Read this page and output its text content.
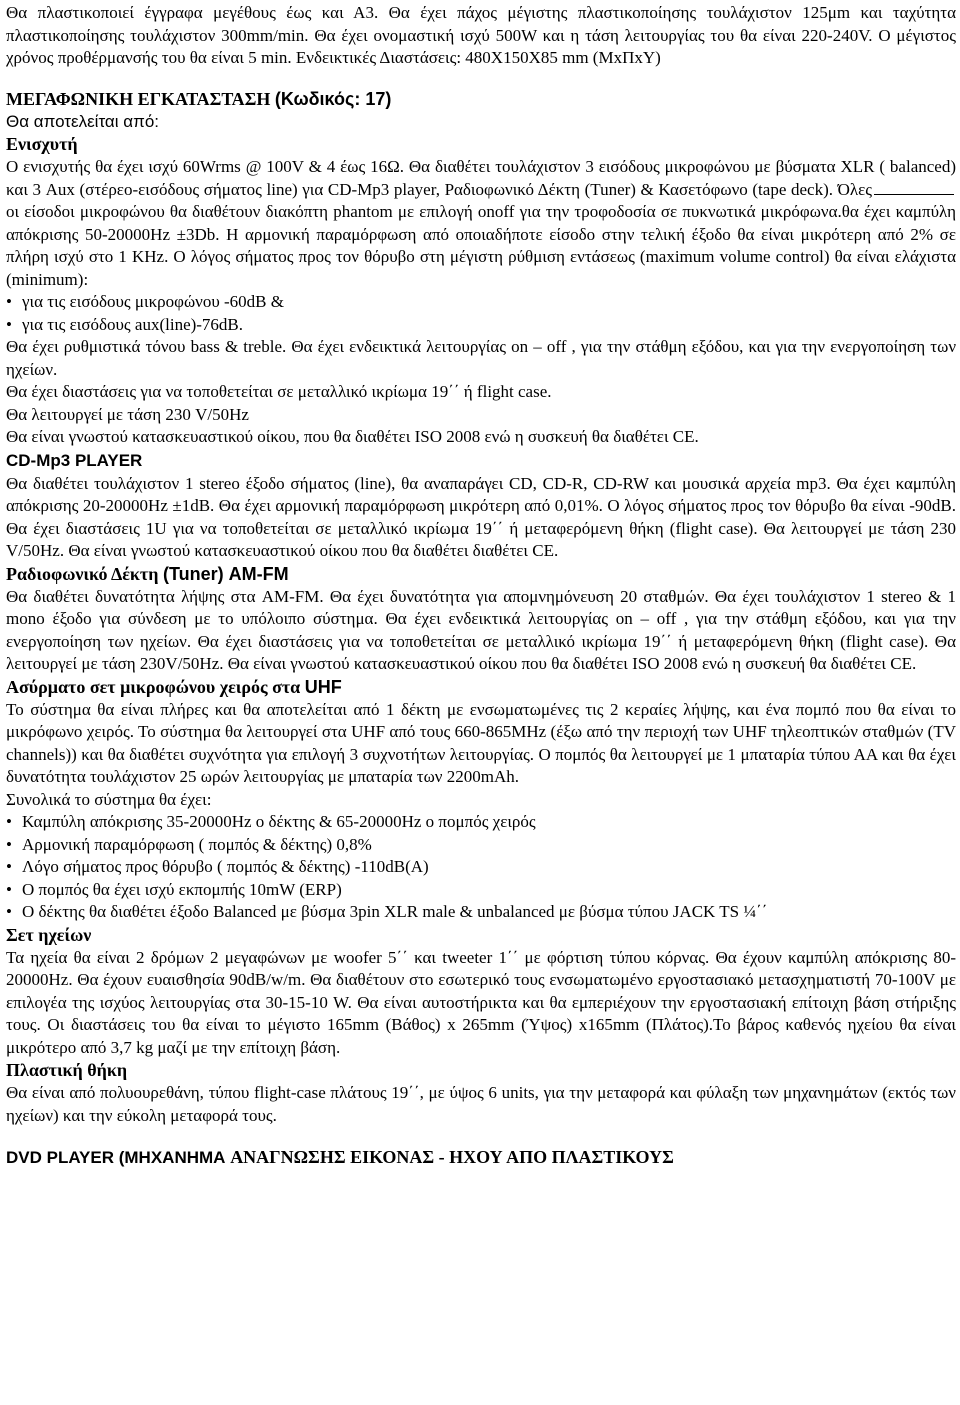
Θα πλαστικοποιεί έγγραφα μεγέθους έως και Α3. Θα έχει πάχος μέγιστης πλαστικοποίησης τουλάχιστον 125μm και ταχύτητα πλαστικοποίησης τουλάχιστον 300mm/min. Θα έχει ονομαστική ισχύ 500W και η τάση λειτουργίας του θα είναι 220-240V. Ο μέγιστος χρόνος προθέρμανσής του θα είναι 5 min. Ενδεικτικές Διαστάσεις: 480Χ150Χ85 mm (ΜxΠxΥ)

ΜΕΓΑΦΩΝΙΚΗ ΕΓΚΑΤΑΣΤΑΣΗ (Κωδικός: 17)

Θα αποτελείται από:

Ενισχυτή

Ο ενισχυτής θα έχει ισχύ 60Wrms @ 100V & 4 έως 16Ω. Θα διαθέτει τουλάχιστον 3 εισόδους μικροφώνου με βύσματα XLR ( balanced) και 3 Aux (στέρεο-εισόδους σήματος line) για CD-Mp3 player, Ραδιοφωνικό Δέκτη (Tuner) & Κασετόφωνο (tape deck). Όλεςοι είσοδοι μικροφώνου θα διαθέτουν διακόπτη phantom με επιλογή onoff για την τροφοδοσία σε πυκνωτικά μικρόφωνα.θα έχει καμπύλη απόκρισης 50-20000Hz ±3Db. Η αρμονική παραμόρφωση από οποιαδήποτε είσοδο στην τελική έξοδο θα είναι μικρότερη από 2% σε πλήρη ισχύ στο 1 KHz. Ο λόγος σήματος προς τον θόρυβο στη μέγιστη ρύθμιση εντάσεως (maximum volume control) θα είναι ελάχιστα (minimum):

• για τις εισόδους μικροφώνου -60dB &

• για τις εισόδους aux(line)-76dB.

Θα έχει ρυθμιστικά τόνου bass & treble. Θα έχει ενδεικτικά λειτουργίας on – off , για την στάθμη εξόδου, και για την ενεργοποίηση των ηχείων.

Θα έχει διαστάσεις για να τοποθετείται σε μεταλλικό ικρίωμα 19΄΄ ή flight case.

Θα λειτουργεί με τάση 230 V/50Hz

Θα είναι γνωστού κατασκευαστικού οίκου, που θα διαθέτει ISO 2008 ενώ η συσκευή θα διαθέτει CE.

CD-Mp3 PLAYER

Θα διαθέτει τουλάχιστον 1 stereo έξοδο σήματος (line), θα αναπαράγει CD, CD-R, CD-RW και μουσικά αρχεία mp3. Θα έχει καμπύλη απόκρισης 20-20000Hz ±1dB. Θα έχει αρμονική παραμόρφωση μικρότερη από 0,01%. Ο λόγος σήματος προς τον θόρυβο θα είναι -90dB. Θα έχει διαστάσεις 1U για να τοποθετείται σε μεταλλικό ικρίωμα 19΄΄ ή μεταφερόμενη θήκη (flight case). Θα λειτουργεί με τάση 230 V/50Hz. Θα είναι γνωστού κατασκευαστικού οίκου που θα διαθέτει διαθέτει CE.

Ραδιοφωνικό Δέκτη (Tuner) AM-FM

Θα διαθέτει δυνατότητα λήψης στα AM-FM. Θα έχει δυνατότητα για απομνημόνευση 20 σταθμών. Θα έχει τουλάχιστον 1 stereo & 1 mono έξοδο για σύνδεση με το υπόλοιπο σύστημα. Θα έχει ενδεικτικά λειτουργίας on – off , για την στάθμη εξόδου, και για την ενεργοποίηση των ηχείων. Θα έχει διαστάσεις για να τοποθετείται σε μεταλλικό ικρίωμα 19΄΄ ή μεταφερόμενη θήκη (flight case). Θα λειτουργεί με τάση 230V/50Hz. Θα είναι γνωστού κατασκευαστικού οίκου που θα διαθέτει ISO 2008 ενώ η συσκευή θα διαθέτει CE.

Ασύρματο σετ μικροφώνου χειρός στα UHF

Το σύστημα θα είναι πλήρες και θα αποτελείται από 1 δέκτη με ενσωματωμένες τις 2 κεραίες λήψης, και ένα πομπό που θα είναι το μικρόφωνο χειρός. Το σύστημα θα λειτουργεί στα UHF από τους 660-865MHz (έξω από την περιοχή των UHF τηλεοπτικών σταθμών (TV channels)) και θα διαθέτει συχνότητα για επιλογή 3 συχνοτήτων λειτουργίας. Ο πομπός θα λειτουργεί με 1 μπαταρία τύπου ΑΑ και θα έχει δυνατότητα τουλάχιστον 25 ωρών λειτουργίας με μπαταρία των 2200mAh.

Συνολικά το σύστημα θα έχει:

• Καμπύλη απόκρισης 35-20000Hz ο δέκτης & 65-20000Hz ο πομπός χειρός

• Αρμονική παραμόρφωση ( πομπός & δέκτης) 0,8%

• Λόγο σήματος προς θόρυβο ( πομπός & δέκτης) -110dB(A)

• Ο πομπός θα έχει ισχύ εκπομπής 10mW (ERP)

• Ο δέκτης θα διαθέτει έξοδο Balanced με βύσμα 3pin XLR male & unbalanced με βύσμα τύπου JACK TS ¼΄΄

Σετ ηχείων

Τα ηχεία θα είναι 2 δρόμων 2 μεγαφώνων με woofer 5΄΄ και tweeter 1΄΄ με φόρτιση τύπου κόρνας. Θα έχουν καμπύλη απόκρισης 80-20000Hz. Θα έχουν ευαισθησία 90dB/w/m. Θα διαθέτουν στο εσωτερικό τους ενσωματωμένο εργοστασιακό μετασχηματιστή 70-100V με επιλογέα της ισχύος λειτουργίας στα 30-15-10 W. Θα είναι αυτοστήρικτα και θα εμπεριέχουν την εργοστασιακή επίτοιχη βάση στήριξης τους. Οι διαστάσεις του θα είναι το μέγιστο 165mm (Βάθος) x 265mm (Ύψος) x165mm (Πλάτος).Το βάρος καθενός ηχείου θα είναι μικρότερο από 3,7 kg μαζί με την επίτοιχη βάση.

Πλαστική θήκη

Θα είναι από πολυουρεθάνη, τύπου flight-case πλάτους 19΄΄, με ύψος 6 units, για την μεταφορά και φύλαξη των μηχανημάτων (εκτός των ηχείων) και την εύκολη μεταφορά τους.

DVD PLAYER (ΜΗΧΑΝΗΜΑ ΑΝΑΓΝΩΣΗΣ ΕΙΚΟΝΑΣ - ΗΧΟΥ ΑΠΟ ΠΛΑΣΤΙΚΟΥΣ
